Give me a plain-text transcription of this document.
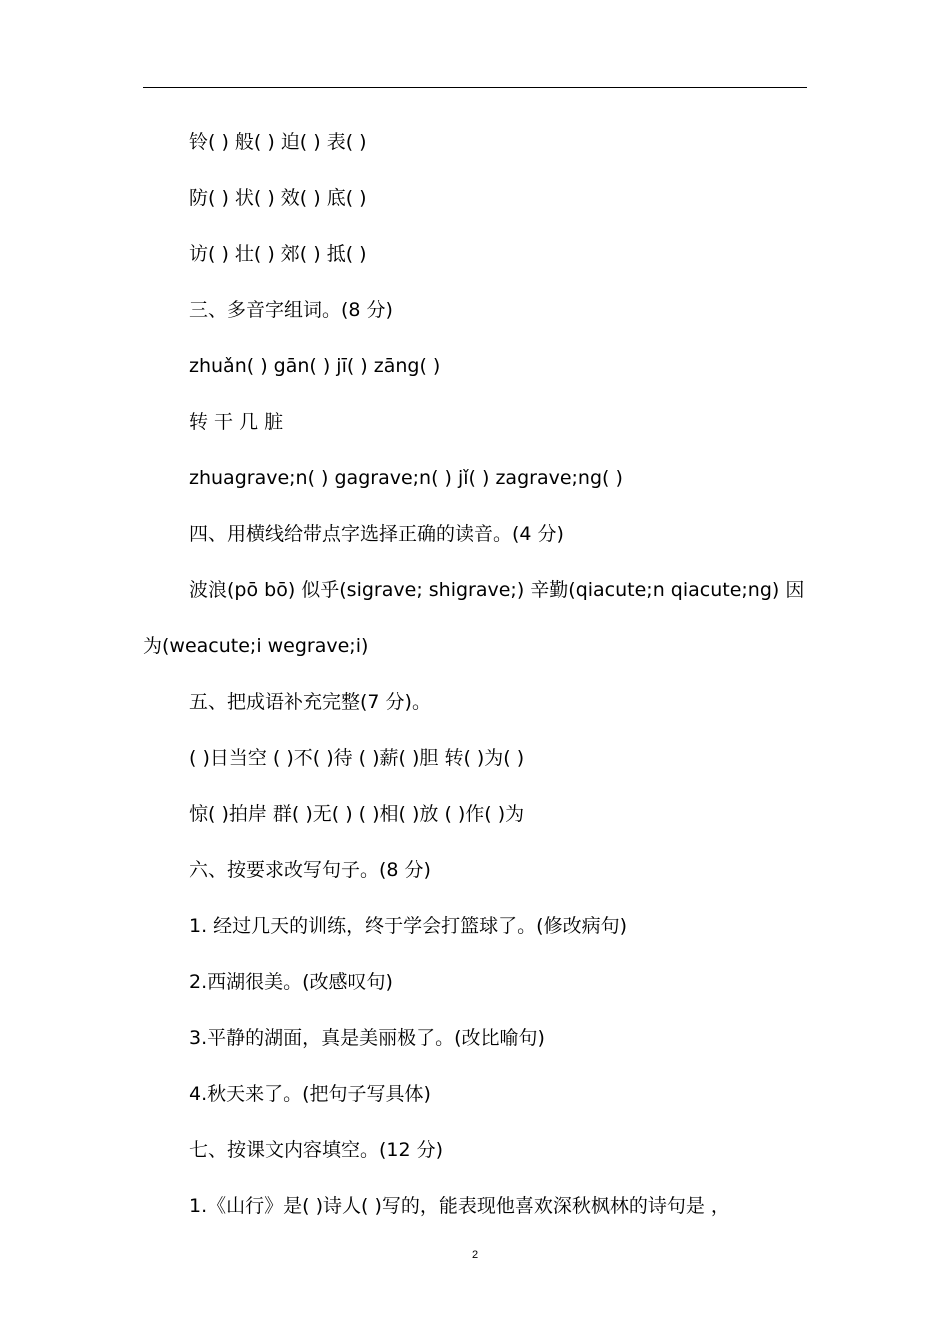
铃( ) 般( ) 迫( ) 表( )
防( ) 状( ) 效( ) 底( )
访( ) 壮( ) 郊( ) 抵( )
三、多音字组词。(8 分)
zhuǎn( ) gān( ) jī( ) zāng( )
转 干 几 脏
zhuagrave;n( ) gagrave;n( ) jǐ( ) zagrave;ng( )
四、用横线给带点字选择正确的读音。(4 分)
波浪(pō bō) 似乎(sigrave; shigrave;) 辛勤(qiacute;n qiacute;ng) 因为(weacute;i wegrave;i)
五、把成语补充完整(7 分)。
( )日当空 ( )不( )待 ( )薪( )胆 转( )为( )
惊( )拍岸 群( )无( ) ( )相( )放 ( )作( )为
六、按要求改写句子。(8 分)
1. 经过几天的训练，终于学会打篮球了。(修改病句)
2.西湖很美。(改感叹句)
3.平静的湖面，真是美丽极了。(改比喻句)
4.秋天来了。(把句子写具体)
七、按课文内容填空。(12 分)
1.《山行》是( )诗人( )写的，能表现他喜欢深秋枫林的诗句是 ，
2
